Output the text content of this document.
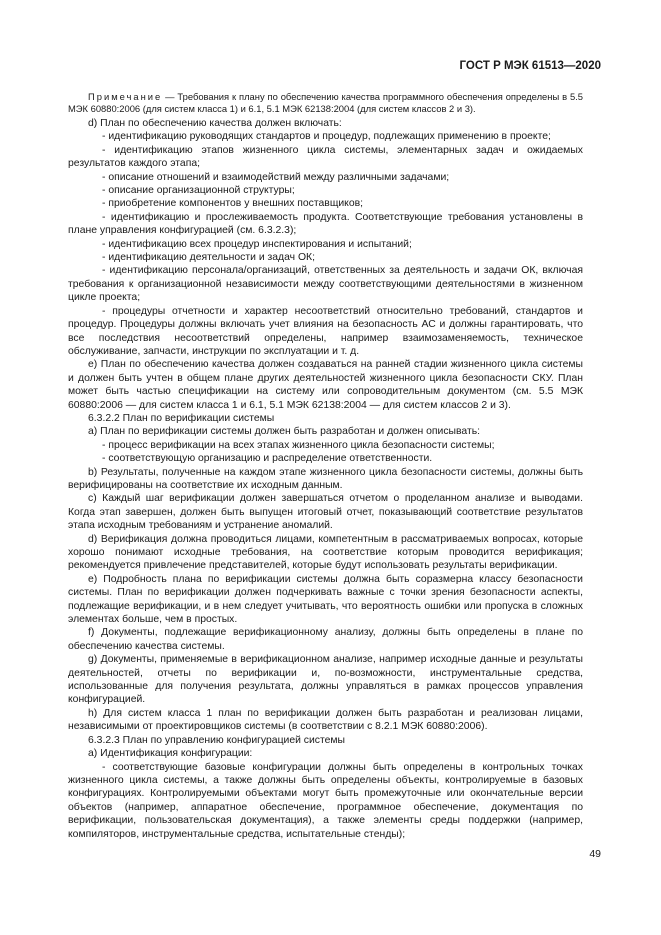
ГОСТ Р МЭК 61513—2020

Примечание — Требования к плану по обеспечению качества программного обеспечения определены в 5.5 МЭК 60880:2006 (для систем класса 1) и 6.1, 5.1 МЭК 62138:2004 (для систем классов 2 и 3).

d) План по обеспечению качества должен включать:

- идентификацию руководящих стандартов и процедур, подлежащих применению в проекте;

- идентификацию этапов жизненного цикла системы, элементарных задач и ожидаемых результатов каждого этапа;

- описание отношений и взаимодействий между различными задачами;

- описание организационной структуры;

- приобретение компонентов у внешних поставщиков;

- идентификацию и прослеживаемость продукта. Соответствующие требования установлены в плане управления конфигурацией (см. 6.3.2.3);

- идентификацию всех процедур инспектирования и испытаний;

- идентификацию деятельности и задач ОК;

- идентификацию персонала/организаций, ответственных за деятельность и задачи ОК, включая требования к организационной независимости между соответствующими деятельностями в жизненном цикле проекта;

- процедуры отчетности и характер несоответствий относительно требований, стандартов и процедур. Процедуры должны включать учет влияния на безопасность АС и должны гарантировать, что все последствия несоответствий определены, например взаимозаменяемость, техническое обслуживание, запчасти, инструкции по эксплуатации и т. д.

e) План по обеспечению качества должен создаваться на ранней стадии жизненного цикла системы и должен быть учтен в общем плане других деятельностей жизненного цикла безопасности СКУ. План может быть частью спецификации на систему или сопроводительным документом (см. 5.5 МЭК 60880:2006 — для систем класса 1 и 6.1, 5.1 МЭК 62138:2004 — для систем классов 2 и 3).

6.3.2.2 План по верификации системы

a) План по верификации системы должен быть разработан и должен описывать:

- процесс верификации на всех этапах жизненного цикла безопасности системы;

- соответствующую организацию и распределение ответственности.

b) Результаты, полученные на каждом этапе жизненного цикла безопасности системы, должны быть верифицированы на соответствие их исходным данным.

c) Каждый шаг верификации должен завершаться отчетом о проделанном анализе и выводами. Когда этап завершен, должен быть выпущен итоговый отчет, показывающий соответствие результатов этапа исходным требованиям и устранение аномалий.

d) Верификация должна проводиться лицами, компетентным в рассматриваемых вопросах, которые хорошо понимают исходные требования, на соответствие которым проводится верификация; рекомендуется привлечение представителей, которые будут использовать результаты верификации.

e) Подробность плана по верификации системы должна быть соразмерна классу безопасности системы. План по верификации должен подчеркивать важные с точки зрения безопасности аспекты, подлежащие верификации, и в нем следует учитывать, что вероятность ошибки или пропуска в сложных элементах больше, чем в простых.

f) Документы, подлежащие верификационному анализу, должны быть определены в плане по обеспечению качества системы.

g) Документы, применяемые в верификационном анализе, например исходные данные и результаты деятельностей, отчеты по верификации и, по-возможности, инструментальные средства, использованные для получения результата, должны управляться в рамках процессов управления конфигурацией.

h) Для систем класса 1 план по верификации должен быть разработан и реализован лицами, независимыми от проектировщиков системы (в соответствии с 8.2.1 МЭК 60880:2006).

6.3.2.3 План по управлению конфигурацией системы

a) Идентификация конфигурации:

- соответствующие базовые конфигурации должны быть определены в контрольных точках жизненного цикла системы, а также должны быть определены объекты, контролируемые в базовых конфигурациях. Контролируемыми объектами могут быть промежуточные или окончательные версии объектов (например, аппаратное обеспечение, программное обеспечение, документация по верификации, пользовательская документация), а также элементы среды поддержки (например, компиляторов, инструментальные средства, испытательные стенды);

49
